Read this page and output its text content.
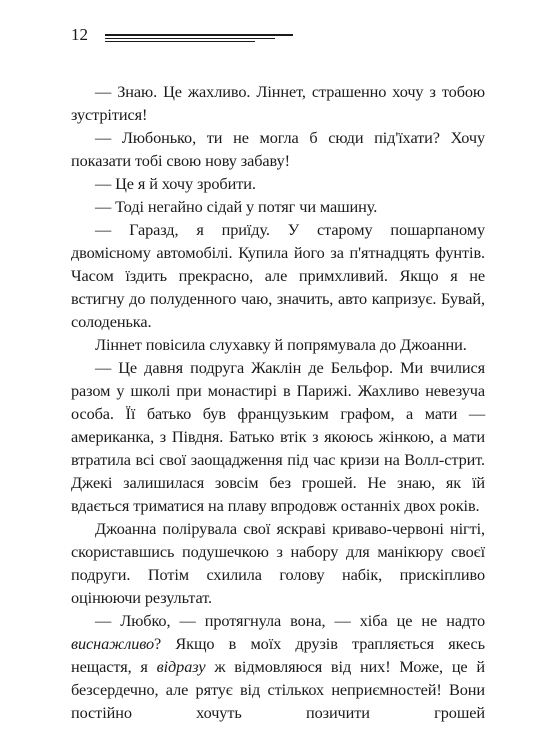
12

— Знаю. Це жахливо. Ліннет, страшенно хочу з тобою зустрітися!

— Любонько, ти не могла б сюди під'їхати? Хочу показати тобі свою нову забаву!

— Це я й хочу зробити.

— Тоді негайно сідай у потяг чи машину.

— Гаразд, я приїду. У старому пошарпаному двомісному автомобілі. Купила його за п'ятнадцять фунтів. Часом їздить прекрасно, але примхливий. Якщо я не встигну до полуденного чаю, значить, авто капризує. Бувай, солоденька.

Ліннет повісила слухавку й попрямувала до Джоанни.

— Це давня подруга Жаклін де Бельфор. Ми вчилися разом у школі при монастирі в Парижі. Жахливо невезуча особа. Її батько був французьким графом, а мати — американка, з Півдня. Батько втік з якоюсь жінкою, а мати втратила всі свої заощадження під час кризи на Волл-стрит. Джекі залишилася зовсім без грошей. Не знаю, як їй вдається триматися на плаву впродовж останніх двох років.

Джоанна полірувала свої яскраві криваво-червоні нігті, скориставшись подушечкою з набору для манікюру своєї подруги. Потім схилила голову набік, прискіпливо оцінюючи результат.

— Любко, — протягнула вона, — хіба це не надто виснажливо? Якщо в моїх друзів трапляється якесь нещастя, я відразу ж відмовляюся від них! Може, це й безсердечно, але рятує від стількох неприємностей! Вони постійно хочуть позичити грошей
